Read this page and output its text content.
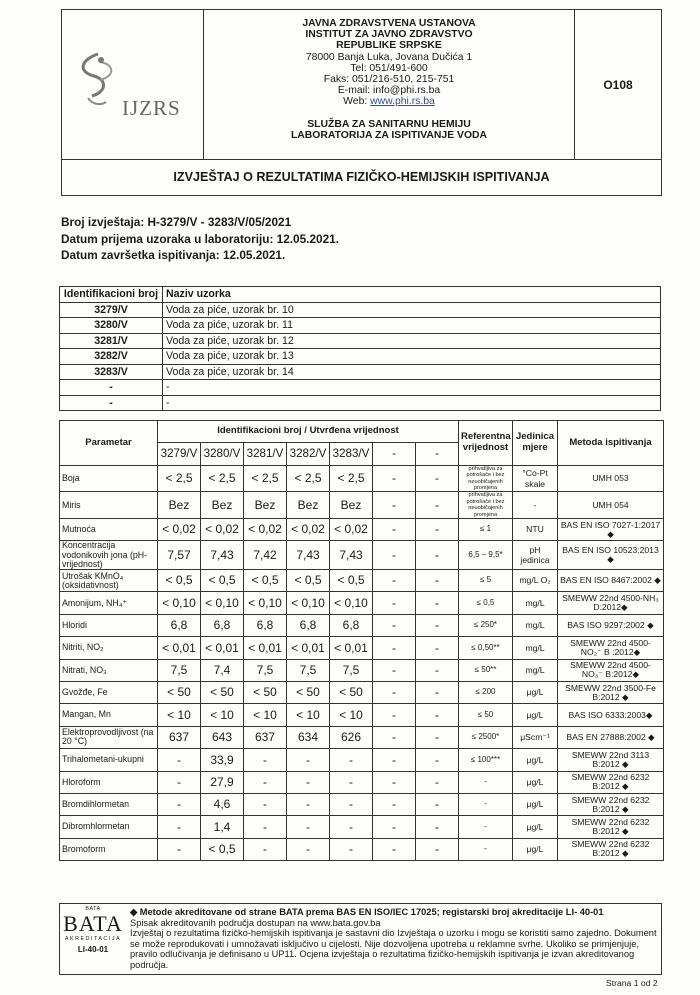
IJZRS
JAVNA ZDRAVSTVENA USTANOVA
INSTITUT ZA JAVNO ZDRAVSTVO
REPUBLIKE SRPSKE
78000 Banja Luka, Jovana Dučića 1
Tel: 051/491-600
Faks: 051/216-510, 215-751
E-mail: info@phi.rs.ba
Web: www.phi.rs.ba
SLUŽBA ZA SANITARNU HEMIJU
LABORATORIJA ZA ISPITIVANJE VODA
O108
IZVJEŠTAJ O REZULTATIMA FIZIČKO-HEMIJSKIH ISPITIVANJA
Broj izvještaja: H-3279/V - 3283/V/05/2021
Datum prijema uzoraka u laboratoriju: 12.05.2021.
Datum završetka ispitivanja: 12.05.2021.
Identifikacioni broj	Naziv uzorka
3279/V	Voda za piće, uzorak br. 10
3280/V	Voda za piće, uzorak br. 11
3281/V	Voda za piće, uzorak br. 12
3282/V	Voda za piće, uzorak br. 13
3283/V	Voda za piće, uzorak br. 14
-	-
-	-
Parametar	Identifikacioni broj / Utvrđena vrijednost							Referentna vrijednost	Jedinica mjere	Metoda ispitivanja
	3279/V	3280/V	3281/V	3282/V	3283/V	-	-			
Boja	< 2,5	< 2,5	< 2,5	< 2,5	< 2,5	-	-	prihvatljiva za potrošače i bez neuobičajenih promjena	°Co-Pt skale	UMH 053
Miris	Bez	Bez	Bez	Bez	Bez	-	-	prihvatljiva za potrošače i bez neuobičajenih promjena	-	UMH 054
Mutnoća	< 0,02	< 0,02	< 0,02	< 0,02	< 0,02	-	-	≤ 1	NTU	BAS EN ISO 7027-1:2017 ◆
Koncentracija vodonikovih jona (pH-vrijednost)	7,57	7,43	7,42	7,43	7,43	-	-	6,5 – 9,5*	pH jedinica	BAS EN ISO 10523:2013 ◆
Utrošak KMnO₄ (oksidativnost)	< 0,5	< 0,5	< 0,5	< 0,5	< 0,5	-	-	≤ 5	mg/L O₂	BAS EN ISO 8467:2002 ◆
Amonijum, NH₄⁺	< 0,10	< 0,10	< 0,10	< 0,10	< 0,10	-	-	≤ 0,5	mg/L	SMEWW 22nd 4500-NH₃ D:2012◆
Hloridi	6,8	6,8	6,8	6,8	6,8	-	-	≤ 250*	mg/L	BAS ISO 9297:2002 ◆
Nitriti, NO₂	< 0,01	< 0,01	< 0,01	< 0,01	< 0,01	-	-	≤ 0,50**	mg/L	SMEWW 22nd 4500-NO₂⁻ B :2012◆
Nitrati, NO₃	7,5	7,4	7,5	7,5	7,5	-	-	≤ 50**	mg/L	SMEWW 22nd 4500-NO₃⁻ B:2012◆
Gvožđe, Fe	< 50	< 50	< 50	< 50	< 50	-	-	≤ 200	μg/L	SMEWW 22nd 3500-Fe B:2012 ◆
Mangan, Mn	< 10	< 10	< 10	< 10	< 10	-	-	≤ 50	μg/L	BAS ISO 6333:2003◆
Elektroprovodljivost (na 20 °C)	637	643	637	634	626	-	-	≤ 2500*	μScm⁻¹	BAS EN 27888:2002 ◆
Trihalometani-ukupni	-	33,9	-	-	-	-	-	≤ 100***	μg/L	SMEWW 22nd 3113 B:2012 ◆
Hloroform	-	27,9	-	-	-	-	-	-	μg/L	SMEWW 22nd 6232 B:2012 ◆
Bromdihlormetan	-	4,6	-	-	-	-	-	-	μg/L	SMEWW 22nd 6232 B:2012 ◆
Dibromhlormetan	-	1,4	-	-	-	-	-	-	μg/L	SMEWW 22nd 6232 B:2012 ◆
Bromoform	-	< 0,5	-	-	-	-	-	-	μg/L	SMEWW 22nd 6232 B:2012 ◆
BATA
BATA
AKREDITACIJA
LI-40-01
◆ Metode akreditovane od strane BATA prema BAS EN ISO/IEC 17025; registarski broj akreditacije LI- 40-01
Spisak akreditovanih područja dostupan na www.bata.gov.ba
Izvještaj o rezultatima fizičko-hemijskih ispitivanja je sastavni dio Izvještaja o uzorku i mogu se koristiti samo zajedno. Dokument se može reprodukovati i umnožavati isključivo u cijelosti. Nije dozvoljena upotreba u reklamne svrhe. Ukoliko se primjenjuje, pravilo odlučivanja je definisano u UP11. Ocjena izvještaja o rezultatima fizičko-hemijskih ispitivanja je izvan akreditovanog područja.
Strana 1 od 2
